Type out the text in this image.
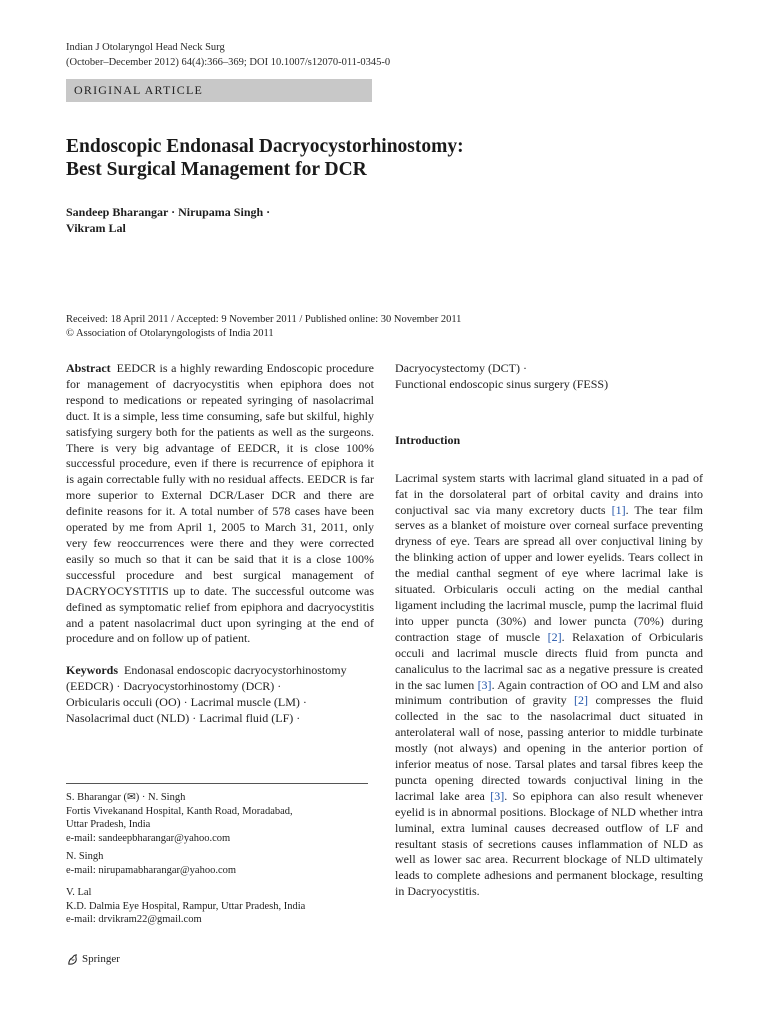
Indian J Otolaryngol Head Neck Surg
(October–December 2012) 64(4):366–369; DOI 10.1007/s12070-011-0345-0
ORIGINAL ARTICLE
Endoscopic Endonasal Dacryocystorhinostomy:
Best Surgical Management for DCR
Sandeep Bharangar · Nirupama Singh ·
Vikram Lal
Received: 18 April 2011 / Accepted: 9 November 2011 / Published online: 30 November 2011
© Association of Otolaryngologists of India 2011

Abstract EEDCR is a highly rewarding Endoscopic procedure for management of dacryocystitis when epiphora does not respond to medications or repeated syringing of nasolacrimal duct. It is a simple, less time consuming, safe but skilful, highly satisfying surgery both for the patients as well as the surgeons. There is very big advantage of EEDCR, it is close 100% successful procedure, even if there is recurrence of epiphora it is again correctable fully with no residual affects. EEDCR is far more superior to External DCR/Laser DCR and there are definite reasons for it. A total number of 578 cases have been operated by me from April 1, 2005 to March 31, 2011, only very few reoccurrences were there and they were corrected easily so much so that it can be said that it is a close 100% successful procedure and best surgical management of DACRYOCYSTITIS up to date. The successful outcome was defined as symptomatic relief from epiphora and dacryocystitis and a patent nasolacrimal duct upon syringing at the end of procedure and on follow up of patient.

Keywords Endonasal endoscopic dacryocystorhinostomy
(EEDCR) · Dacryocystorhinostomy (DCR) ·
Orbicularis occuli (OO) · Lacrimal muscle (LM) ·
Nasolacrimal duct (NLD) · Lacrimal fluid (LF) ·

S. Bharangar (✉) · N. Singh
Fortis Vivekanand Hospital, Kanth Road, Moradabad,
Uttar Pradesh, India
e-mail: sandeepbharangar@yahoo.com
N. Singh
e-mail: nirupamabharangar@yahoo.com
V. Lal
K.D. Dalmia Eye Hospital, Rampur, Uttar Pradesh, India
e-mail: drvikram22@gmail.com

Dacryocystectomy (DCT) ·
Functional endoscopic sinus surgery (FESS)

Introduction

Lacrimal system starts with lacrimal gland situated in a pad of fat in the dorsolateral part of orbital cavity and drains into conjuctival sac via many excretory ducts [1]. The tear film serves as a blanket of moisture over corneal surface preventing dryness of eye. Tears are spread all over conjuctival lining by the blinking action of upper and lower eyelids. Tears collect in the medial canthal segment of eye where lacrimal lake is situated. Orbicularis occuli acting on the medial canthal ligament including the lacrimal muscle, pump the lacrimal fluid into upper puncta (30%) and lower puncta (70%) during contraction stage of muscle [2]. Relaxation of Orbicularis occuli and lacrimal muscle directs fluid from puncta and canaliculus to the lacrimal sac as a negative pressure is created in the sac lumen [3]. Again contraction of OO and LM and also minimum contribution of gravity [2] compresses the fluid collected in the sac to the nasolacrimal duct situated in anterolateral wall of nose, passing anterior to middle turbinate mostly (not always) and opening in the anterior portion of inferior meatus of nose. Tarsal plates and tarsal fibres keep the puncta opening directed towards conjuctival lining in the lacrimal lake area [3]. So epiphora can also result whenever eyelid is in abnormal positions. Blockage of NLD whether intra luminal, extra luminal causes decreased outflow of LF and resultant stasis of secretions causes inflammation of NLD as well as lower sac area. Recurrent blockage of NLD ultimately leads to complete adhesions and permanent blockage, resulting in Dacryocystitis.

Springer
